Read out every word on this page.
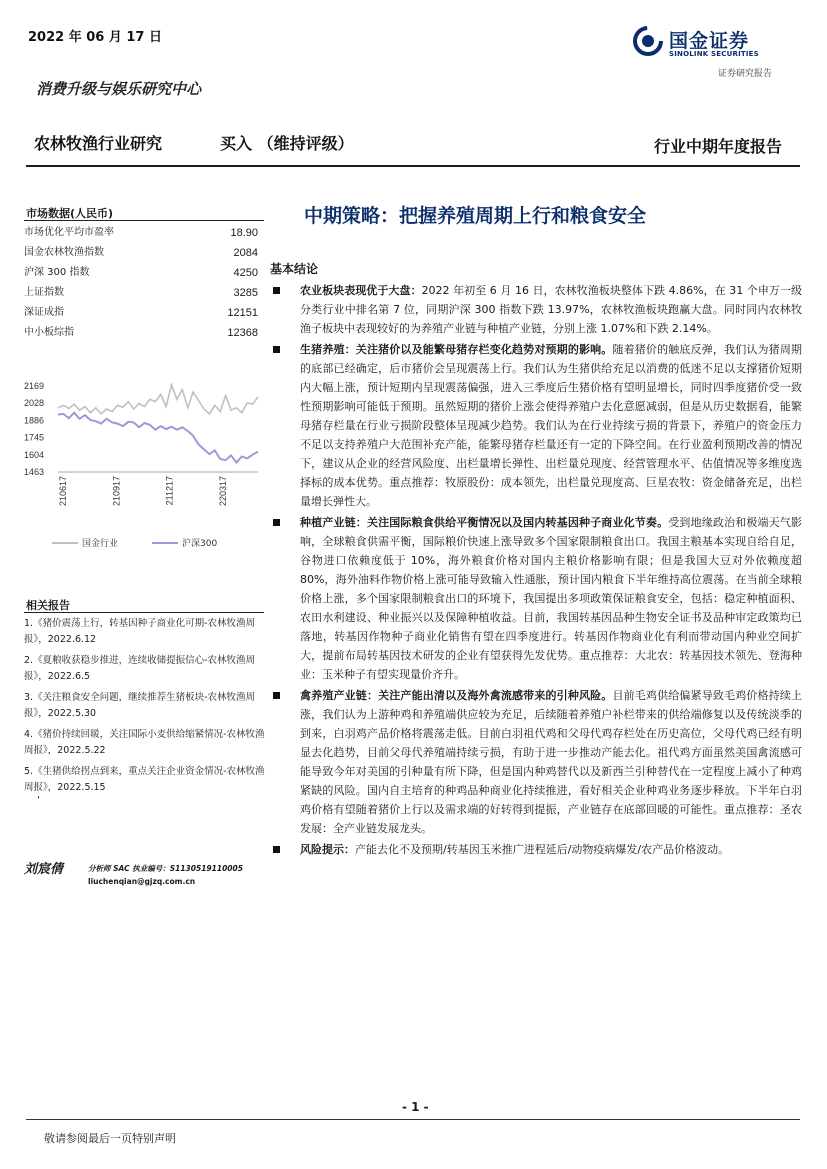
2022 年 06 月 17 日	国金证券
SINOLINK SECURITIES
证券研究报告
消费升级与娱乐研究中心
农林牧渔行业研究	买入 （维持评级）	行业中期年度报告
中期策略：把握养殖周期上行和粮食安全
市场数据(人民币)
市场优化平均市盈率	18.90
国金农林牧渔指数	2084
沪深 300 指数	4250
上证指数	3285
深证成指	12151
中小板综指	12368
2169
2028
1886
1745
1604
1463
210617	210917	211217	220317
国金行业	沪深300
相关报告
1.《猪价震荡上行，转基因种子商业化可期-农林牧渔周报》，2022.6.12
2.《夏粮收获稳步推进，连续收储提振信心-农林牧渔周报》，2022.6.5
3.《关注粮食安全问题，继续推荐生猪板块-农林牧渔周报》，2022.5.30
4.《猪价持续回暖，关注国际小麦供给缩紧情况-农林牧渔周报》，2022.5.22
5.《生猪供给拐点到来，重点关注企业资金情况-农林牧渔周报》，2022.5.15
‘
刘宸倩	分析师 SAC 执业编号：S1130519110005
liuchenqian@gjzq.com.cn
基本结论
农业板块表现优于大盘：2022 年初至 6 月 16 日，农林牧渔板块整体下跌 4.86%，在 31 个申万一级分类行业中排名第 7 位，同期沪深 300 指数下跌 13.97%，农林牧渔板块跑赢大盘。同时同内农林牧渔子板块中表现较好的为养殖产业链与种植产业链，分别上涨 1.07%和下跌 2.14%。
生猪养殖：关注猪价以及能繁母猪存栏变化趋势对预期的影响。随着猪价的触底反弹，我们认为猪周期的底部已经确定，后市猪价会呈现震荡上行。我们认为生猪供给充足以消费的低迷不足以支撑猪价短期内大幅上涨，预计短期内呈现震荡偏强，进入三季度后生猪价格有望明显增长，同时四季度猪价受一致性预期影响可能低于预期。虽然短期的猪价上涨会使得养殖户去化意愿减弱，但是从历史数据看，能繁母猪存栏量在行业亏损阶段整体呈现减少趋势。我们认为在行业持续亏损的背景下，养殖户的资金压力不足以支持养殖户大范围补充产能，能繁母猪存栏量还有一定的下降空间。在行业盈利预期改善的情况下，建议从企业的经营风险度、出栏量增长弹性、出栏量兑现度、经营管理水平、估值情况等多维度选择标的成本优势。重点推荐：牧原股份：成本领先，出栏量兑现度高、巨星农牧：资金储备充足，出栏量增长弹性大。
种植产业链：关注国际粮食供给平衡情况以及国内转基因种子商业化节奏。受到地缘政治和极端天气影响，全球粮食供需平衡，国际粮价快速上涨导致多个国家限制粮食出口。我国主粮基本实现自给自足，谷物进口依赖度低于 10%，海外粮食价格对国内主粮价格影响有限；但是我国大豆对外依赖度超 80%，海外油料作物价格上涨可能导致输入性通胀，预计国内粮食下半年维持高位震荡。在当前全球粮价格上涨，多个国家限制粮食出口的环境下，我国提出多项政策保证粮食安全，包括：稳定种植面积、农田水利建设、种业振兴以及保障种植收益。目前，我国转基因品种生物安全证书及品种审定政策均已落地，转基因作物种子商业化销售有望在四季度进行。转基因作物商业化有利而带动国内种业空间扩大，提前布局转基因技术研发的企业有望获得先发优势。重点推荐：大北农：转基因技术领先、登海种业：玉米种子有望实现量价齐升。
禽养殖产业链：关注产能出清以及海外禽流感带来的引种风险。目前毛鸡供给偏紧导致毛鸡价格持续上涨，我们认为上游种鸡和养殖端供应较为充足，后续随着养殖户补栏带来的供给端修复以及传统淡季的到来，白羽鸡产品价格将震荡走低。目前白羽祖代鸡和父母代鸡存栏处在历史高位，父母代鸡已经有明显去化趋势，目前父母代养殖端持续亏损，有助于进一步推动产能去化。祖代鸡方面虽然美国禽流感可能导致今年对美国的引种量有所下降，但是国内种鸡替代以及新西兰引种替代在一定程度上减小了种鸡紧缺的风险。国内自主培育的种鸡品种商业化持续推进，看好相关企业种鸡业务逐步释放。下半年白羽鸡价格有望随着猪价上行以及需求端的好转得到提振，产业链存在底部回暖的可能性。重点推荐：圣农发展：全产业链发展龙头。
风险提示：产能去化不及预期/转基因玉米推广进程延后/动物疫病爆发/农产品价格波动。
- 1 -
敬请参阅最后一页特别声明
